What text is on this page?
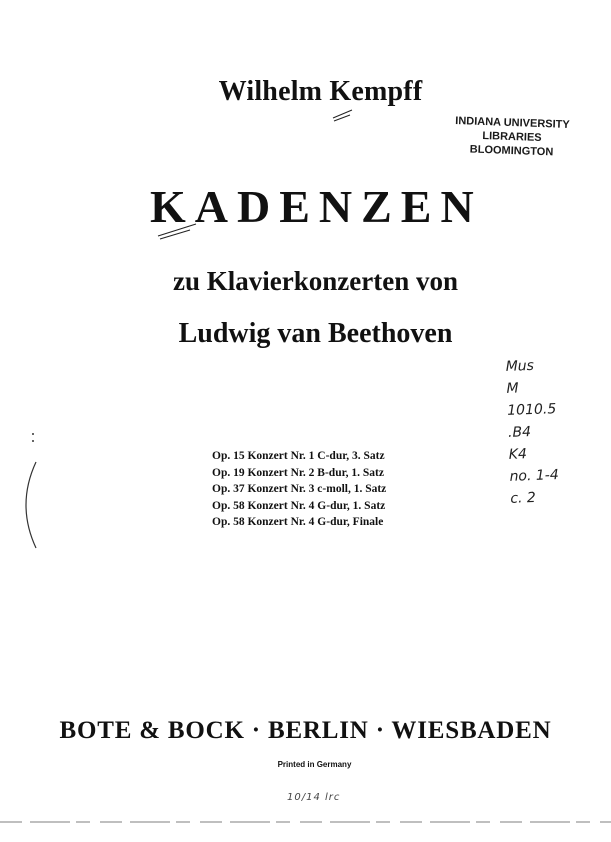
Wilhelm Kempff
INDIANA UNIVERSITY
LIBRARIES
BLOOMINGTON
KADENZEN
zu Klavierkonzerten von
Ludwig van Beethoven
Mus
M
1010.5
.B4
K4
no. 1-4
c. 2
Op. 15 Konzert Nr. 1 C-dur, 3. Satz
Op. 19 Konzert Nr. 2 B-dur, 1. Satz
Op. 37 Konzert Nr. 3 c-moll, 1. Satz
Op. 58 Konzert Nr. 4 G-dur, 1. Satz
Op. 58 Konzert Nr. 4 G-dur, Finale
BOTE & BOCK · BERLIN · WIESBADEN
Printed in Germany
10/14 lrc
